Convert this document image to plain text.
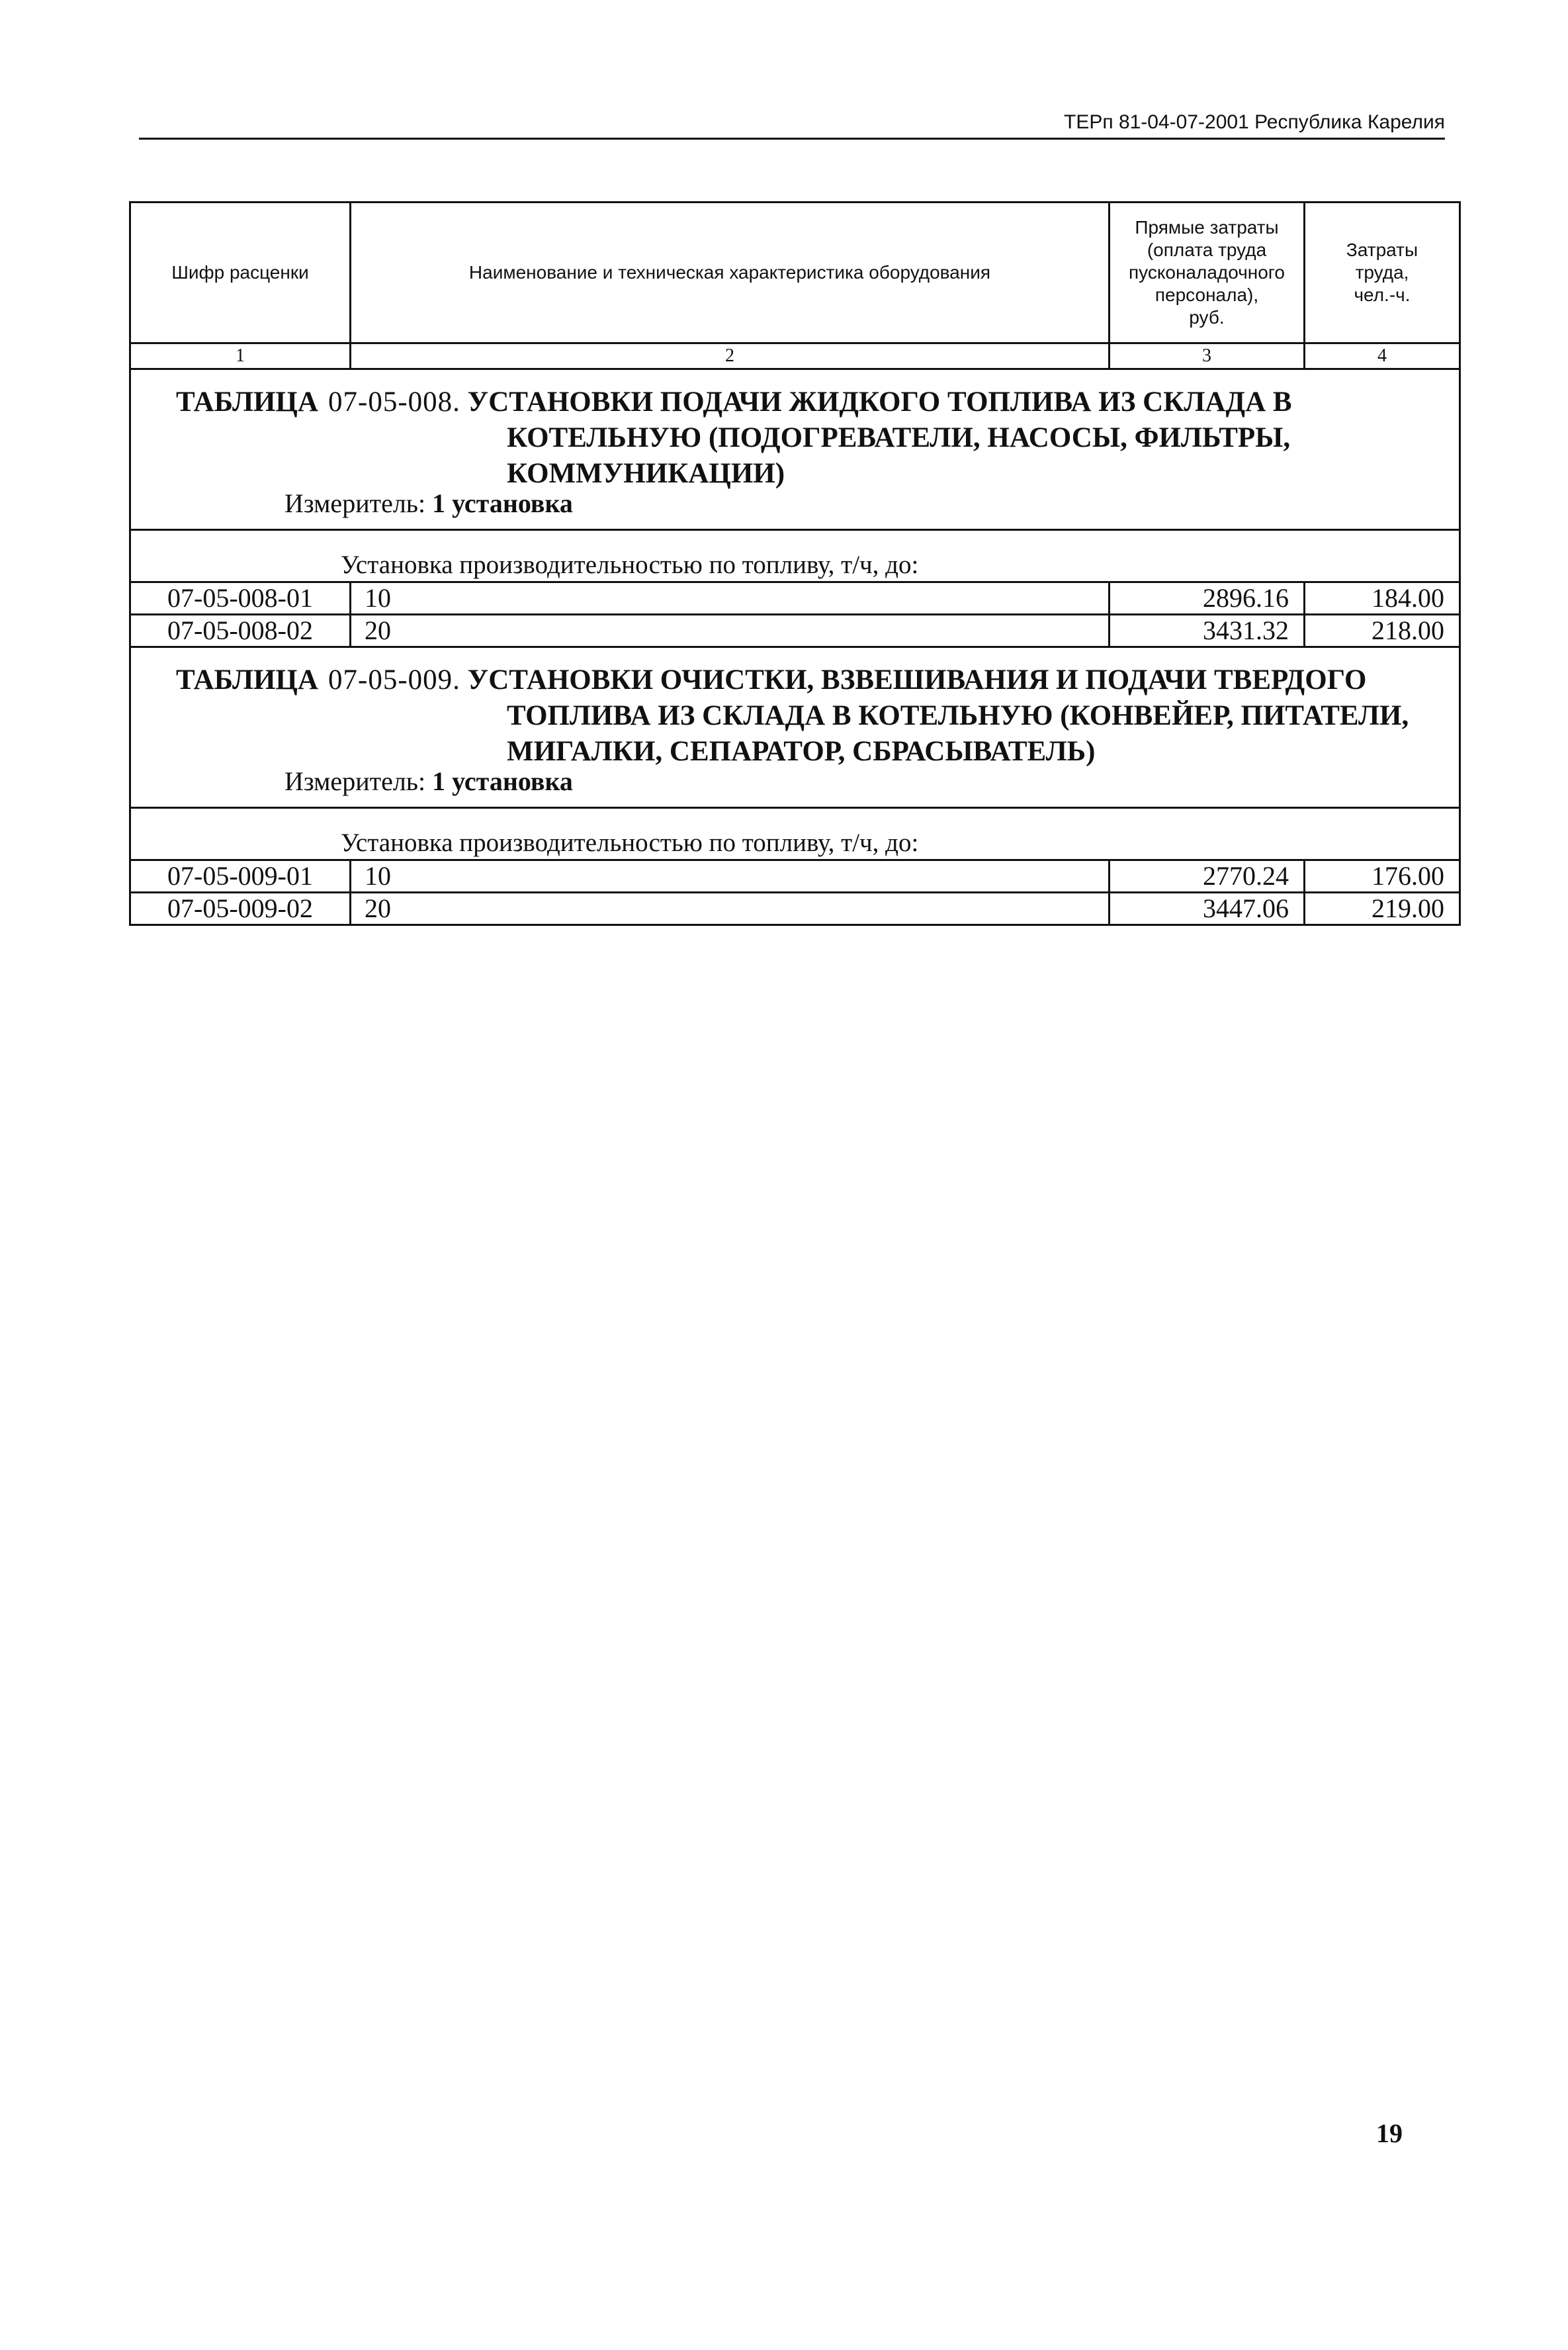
ТЕРп 81-04-07-2001 Республика Карелия
Шифр расценки	Наименование и техническая характеристика оборудования	Прямые затраты
(оплата труда
пусконаладочного
персонала),
руб.	Затраты
труда,
чел.-ч.
1	2	3	4

ТАБЛИЦА 07-05-008. УСТАНОВКИ ПОДАЧИ ЖИДКОГО ТОПЛИВА ИЗ СКЛАДА В
КОТЕЛЬНУЮ (ПОДОГРЕВАТЕЛИ, НАСОСЫ, ФИЛЬТРЫ,
КОММУНИКАЦИИ)
Измеритель: 1 установка			

Установка производительностью по топливу, т/ч, до:			

07-05-008-01	10	2896.16	184.00
07-05-008-02	20	3431.32	218.00

ТАБЛИЦА 07-05-009. УСТАНОВКИ ОЧИСТКИ, ВЗВЕШИВАНИЯ И ПОДАЧИ ТВЕРДОГО
ТОПЛИВА ИЗ СКЛАДА В КОТЕЛЬНУЮ (КОНВЕЙЕР, ПИТАТЕЛИ,
МИГАЛКИ, СЕПАРАТОР, СБРАСЫВАТЕЛЬ)
Измеритель: 1 установка			

Установка производительностью по топливу, т/ч, до:			

07-05-009-01	10	2770.24	176.00
07-05-009-02	20	3447.06	219.00
19
